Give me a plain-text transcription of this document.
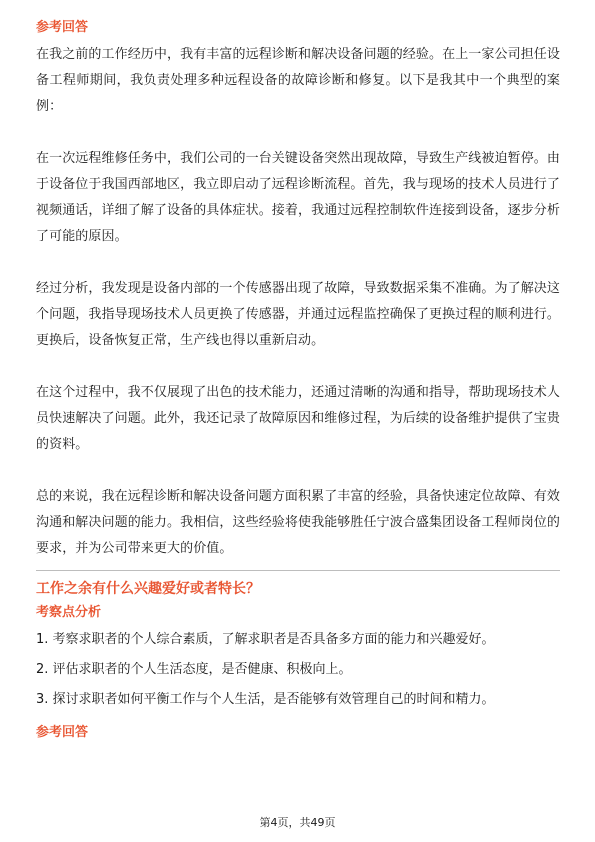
参考回答

在我之前的工作经历中，我有丰富的远程诊断和解决设备问题的经验。在上一家公司担任设备工程师期间，我负责处理多种远程设备的故障诊断和修复。以下是我其中一个典型的案例：

在一次远程维修任务中，我们公司的一台关键设备突然出现故障，导致生产线被迫暂停。由于设备位于我国西部地区，我立即启动了远程诊断流程。首先，我与现场的技术人员进行了视频通话，详细了解了设备的具体症状。接着，我通过远程控制软件连接到设备，逐步分析了可能的原因。

经过分析，我发现是设备内部的一个传感器出现了故障，导致数据采集不准确。为了解决这个问题，我指导现场技术人员更换了传感器，并通过远程监控确保了更换过程的顺利进行。更换后，设备恢复正常，生产线也得以重新启动。

在这个过程中，我不仅展现了出色的技术能力，还通过清晰的沟通和指导，帮助现场技术人员快速解决了问题。此外，我还记录了故障原因和维修过程，为后续的设备维护提供了宝贵的资料。

总的来说，我在远程诊断和解决设备问题方面积累了丰富的经验，具备快速定位故障、有效沟通和解决问题的能力。我相信，这些经验将使我能够胜任宁波合盛集团设备工程师岗位的要求，并为公司带来更大的价值。

工作之余有什么兴趣爱好或者特长？

考察点分析

1. 考察求职者的个人综合素质，了解求职者是否具备多方面的能力和兴趣爱好。

2. 评估求职者的个人生活态度，是否健康、积极向上。

3. 探讨求职者如何平衡工作与个人生活，是否能够有效管理自己的时间和精力。

参考回答

第4页，共49页
